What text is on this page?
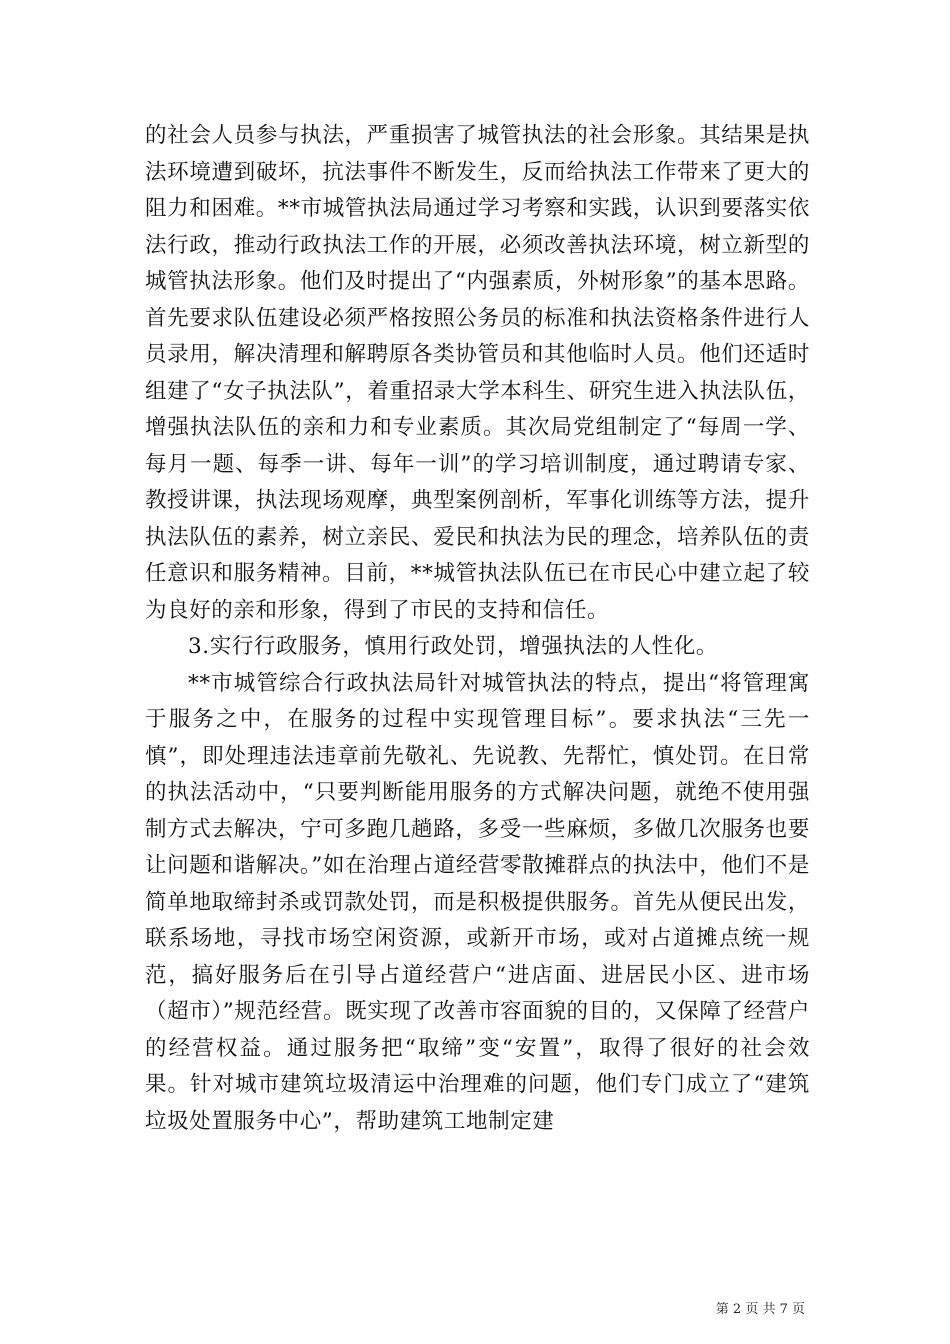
的社会人员参与执法，严重损害了城管执法的社会形象。其结果是执法环境遭到破坏，抗法事件不断发生，反而给执法工作带来了更大的阻力和困难。**市城管执法局通过学习考察和实践，认识到要落实依法行政，推动行政执法工作的开展，必须改善执法环境，树立新型的城管执法形象。他们及时提出了“内强素质，外树形象”的基本思路。首先要求队伍建设必须严格按照公务员的标准和执法资格条件进行人员录用，解决清理和解聘原各类协管员和其他临时人员。他们还适时组建了“女子执法队”，着重招录大学本科生、研究生进入执法队伍，增强执法队伍的亲和力和专业素质。其次局党组制定了“每周一学、每月一题、每季一讲、每年一训”的学习培训制度，通过聘请专家、教授讲课，执法现场观摩，典型案例剖析，军事化训练等方法，提升执法队伍的素养，树立亲民、爱民和执法为民的理念，培养队伍的责任意识和服务精神。目前，**城管执法队伍已在市民心中建立起了较为良好的亲和形象，得到了市民的支持和信任。

3.实行行政服务，慎用行政处罚，增强执法的人性化。

**市城管综合行政执法局针对城管执法的特点，提出“将管理寓于服务之中，在服务的过程中实现管理目标”。要求执法“三先一慎”，即处理违法违章前先敬礼、先说教、先帮忙，慎处罚。在日常的执法活动中，“只要判断能用服务的方式解决问题，就绝不使用强制方式去解决，宁可多跑几趟路，多受一些麻烦，多做几次服务也要让问题和谐解决。”如在治理占道经营零散摊群点的执法中，他们不是简单地取缔封杀或罚款处罚，而是积极提供服务。首先从便民出发，联系场地，寻找市场空闲资源，或新开市场，或对占道摊点统一规范，搞好服务后在引导占道经营户“进店面、进居民小区、进市场（超市）”规范经营。既实现了改善市容面貌的目的，又保障了经营户的经营权益。通过服务把“取缔”变“安置”，取得了很好的社会效果。针对城市建筑垃圾清运中治理难的问题，他们专门成立了“建筑垃圾处置服务中心”，帮助建筑工地制定建

第 2 页 共 7 页
